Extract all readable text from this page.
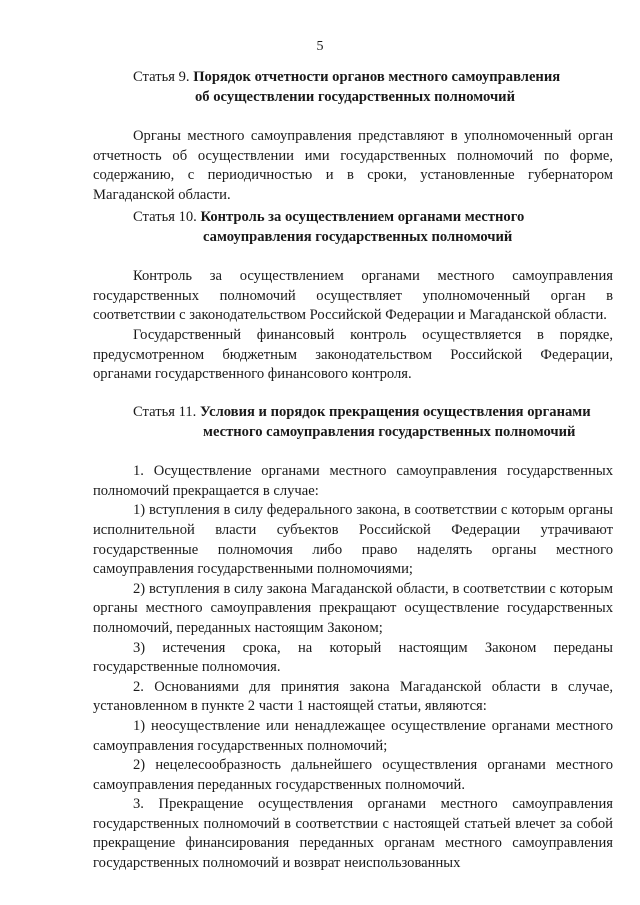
5
Статья 9. Порядок отчетности органов местного самоуправления
об осуществлении государственных полномочий

Органы местного самоуправления представляют в уполномоченный орган отчетность об осуществлении ими государственных полномочий по форме, содержанию, с периодичностью и в сроки, установленные губернатором Магаданской области.

Статья 10. Контроль за осуществлением органами местного
самоуправления государственных полномочий

Контроль за осуществлением органами местного самоуправления государственных полномочий осуществляет уполномоченный орган в соответствии с законодательством Российской Федерации и Магаданской области.

Государственный финансовый контроль осуществляется в порядке, предусмотренном бюджетным законодательством Российской Федерации, органами государственного финансового контроля.

Статья 11. Условия и порядок прекращения осуществления органами
местного самоуправления государственных полномочий

1. Осуществление органами местного самоуправления государственных полномочий прекращается в случае:

1) вступления в силу федерального закона, в соответствии с которым органы исполнительной власти субъектов Российской Федерации утрачивают государственные полномочия либо право наделять органы местного самоуправления государственными полномочиями;

2) вступления в силу закона Магаданской области, в соответствии с которым органы местного самоуправления прекращают осуществление государственных полномочий, переданных настоящим Законом;

3) истечения срока, на который настоящим Законом переданы государственные полномочия.

2. Основаниями для принятия закона Магаданской области в случае, установленном в пункте 2 части 1 настоящей статьи, являются:

1) неосуществление или ненадлежащее осуществление органами местного самоуправления государственных полномочий;

2) нецелесообразность дальнейшего осуществления органами местного самоуправления переданных государственных полномочий.

3. Прекращение осуществления органами местного самоуправления государственных полномочий в соответствии с настоящей статьей влечет за собой прекращение финансирования переданных органам местного самоуправления государственных полномочий и возврат неиспользованных
